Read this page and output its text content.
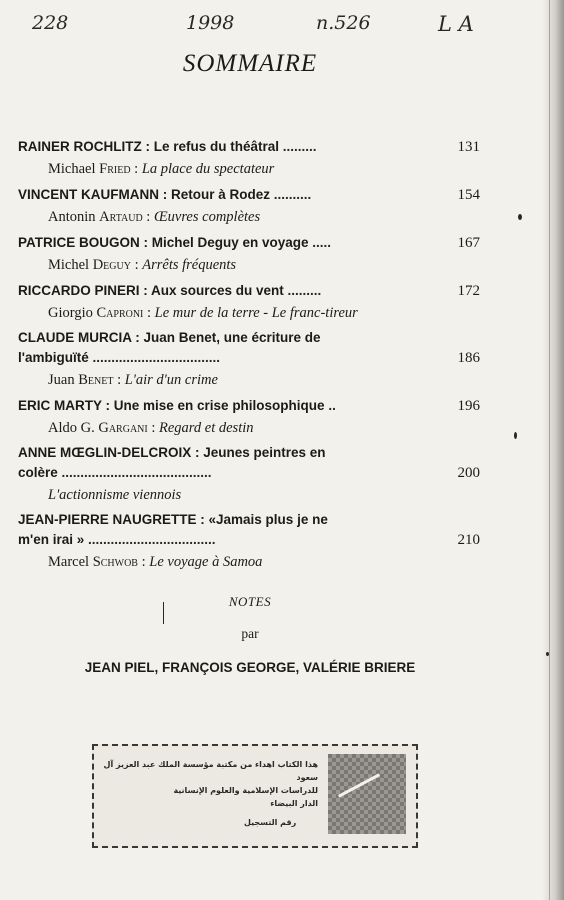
228	1998	n.526	L A
SOMMAIRE
RAINER ROCHLITZ : Le refus du théâtral .........	131
Michael Fried : La place du spectateur
VINCENT KAUFMANN : Retour à Rodez ..........	154
Antonin Artaud : Œuvres complètes
PATRICE BOUGON : Michel Deguy en voyage .....	167
Michel Deguy : Arrêts fréquents
RICCARDO PINERI : Aux sources du vent .........	172
Giorgio Caproni : Le mur de la terre - Le franc-tireur
CLAUDE MURCIA : Juan Benet, une écriture de
l'ambiguïté ..................................	186
Juan Benet : L'air d'un crime
ERIC MARTY : Une mise en crise philosophique ..	196
Aldo G. Gargani : Regard et destin
ANNE MŒGLIN-DELCROIX : Jeunes peintres en
colère ........................................	200
L'actionnisme viennois
JEAN-PIERRE NAUGRETTE : «Jamais plus je ne
m'en irai » ..................................	210
Marcel Schwob : Le voyage à Samoa
NOTES
par
JEAN PIEL, FRANÇOIS GEORGE, VALÉRIE BRIERE
هذا الكتاب اهداء من مكتبة مؤسسة الملك عبد العزيز آل سعود
للدراسات الإسلامية والعلوم الإنسانية
الدار البيضاء
رقم التسجيل
